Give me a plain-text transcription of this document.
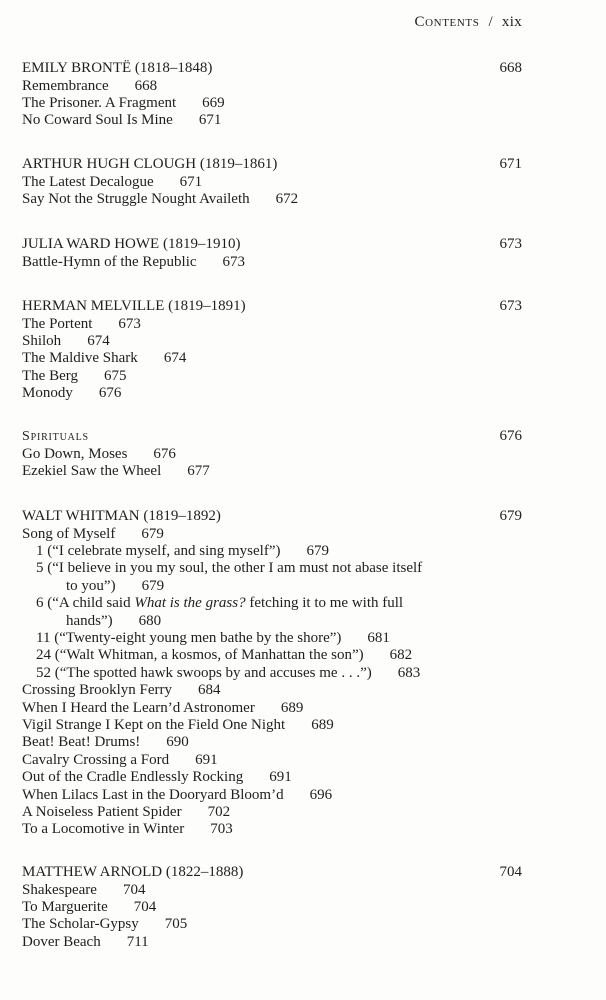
Contents / xix
EMILY BRONTË (1818–1848)	668
Remembrance 668
The Prisoner. A Fragment 669
No Coward Soul Is Mine 671
ARTHUR HUGH CLOUGH (1819–1861)	671
The Latest Decalogue 671
Say Not the Struggle Nought Availeth 672
JULIA WARD HOWE (1819–1910)	673
Battle-Hymn of the Republic 673
HERMAN MELVILLE (1819–1891)	673
The Portent 673
Shiloh 674
The Maldive Shark 674
The Berg 675
Monody 676
Spirituals	676
Go Down, Moses 676
Ezekiel Saw the Wheel 677
WALT WHITMAN (1819–1892)	679
Song of Myself 679
1 (“I celebrate myself, and sing myself”) 679
5 (“I believe in you my soul, the other I am must not abase itself
to you”) 679
6 (“A child said What is the grass? fetching it to me with full
hands”) 680
11 (“Twenty-eight young men bathe by the shore”) 681
24 (“Walt Whitman, a kosmos, of Manhattan the son”) 682
52 (“The spotted hawk swoops by and accuses me . . .”) 683
Crossing Brooklyn Ferry 684
When I Heard the Learn’d Astronomer 689
Vigil Strange I Kept on the Field One Night 689
Beat! Beat! Drums! 690
Cavalry Crossing a Ford 691
Out of the Cradle Endlessly Rocking 691
When Lilacs Last in the Dooryard Bloom’d 696
A Noiseless Patient Spider 702
To a Locomotive in Winter 703
MATTHEW ARNOLD (1822–1888)	704
Shakespeare 704
To Marguerite 704
The Scholar-Gypsy 705
Dover Beach 711
